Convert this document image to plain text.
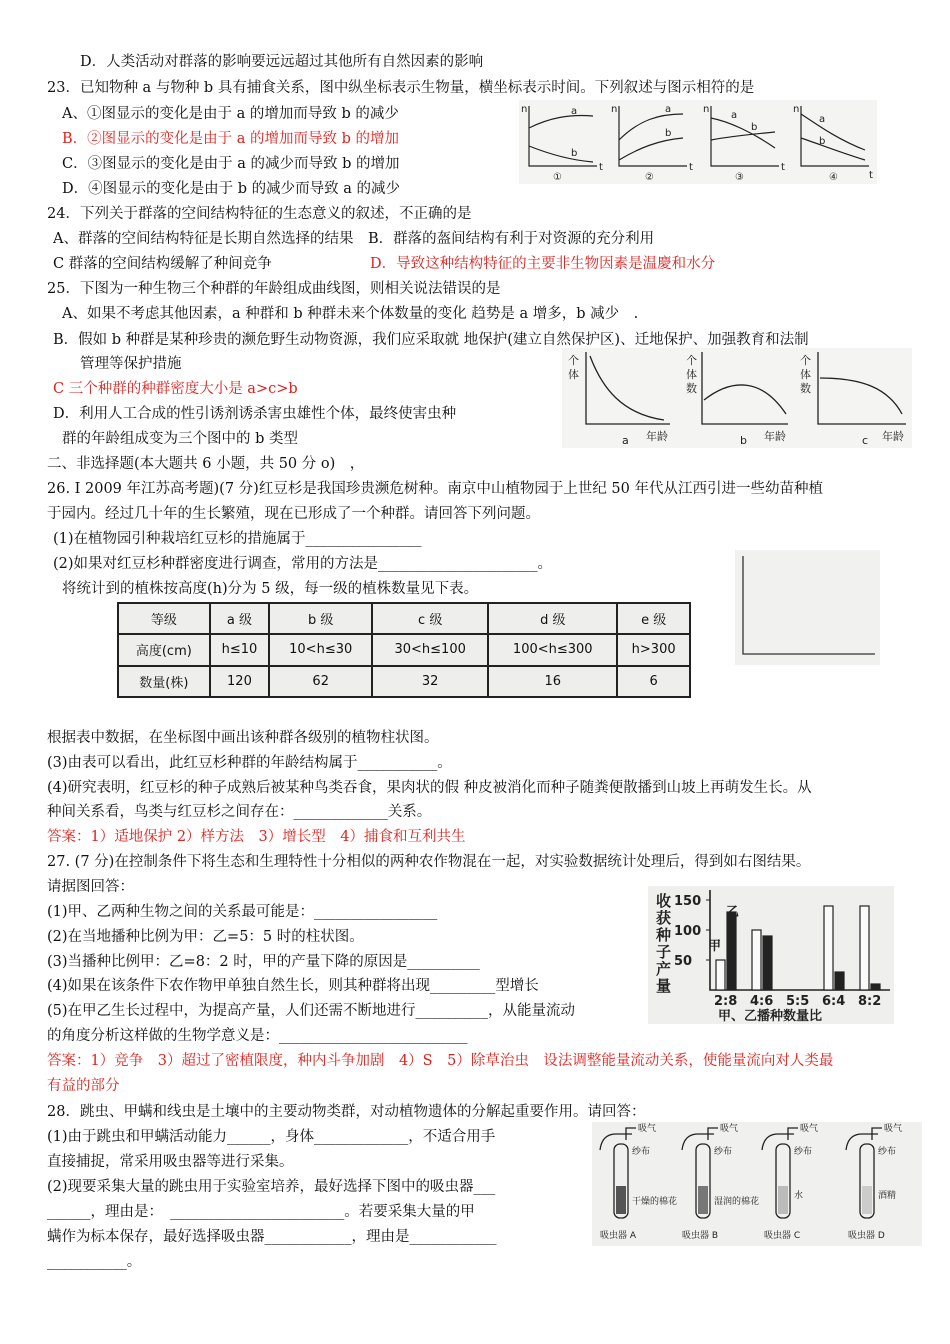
D．人类活动对群落的影响要远远超过其他所有自然因素的影响
23．已知物种 a 与物种 b 具有捕食关系，图中纵坐标表示生物量，横坐标表示时间。下列叙述与图示相符的是
A、①图显示的变化是由于 a 的增加而导致 b 的减少
B．②图显示的变化是由于 a 的增加而导致 b 的增加
C．③图显示的变化是由于 a 的减少而导致 b 的增加
D．④图显示的变化是由于 b 的减少而导致 a 的减少
n
t
a
b
①
n
t
a
b
②
n
t
a
b
③
n
t
a
b
④
24．下列关于群落的空间结构特征的生态意义的叙述，不正确的是
A、群落的空间结构特征是长期自然选择的结果　B．群落的盔间结构有利于对资源的充分利用
C 群落的空间结构缓解了种间竞争	D．导致这种结构特征的主要非生物因素是温慶和水分
25．下图为一种生物三个种群的年龄组成曲线图，则相关说法错误的是
A、如果不考虑其他因素，a 种群和 b 种群未来个体数量的变化 趋势是 a 增多，b 减少　.
B．假如 b 种群是某种珍贵的濒危野生动物资源，我们应采取就 地保护(建立自然保护区)、迁地保护、加强教育和法制
管理等保护措施
C 三个种群的种群密度大小是 a>c>b
D．利用人工合成的性引诱剂诱杀害虫雄性个体，最终使害虫种
群的年龄组成变为三个图中的 b 类型
个
体
年龄
a
个
体
数
年龄
b
个
体
数
年龄
c
二、非选择题(本大题共 6 小题，共 50 分 o)　，
26. I 2009 年江苏高考题)(7 分)红豆杉是我国珍贵濒危树种。南京中山植物园于上世纪 50 年代从江西引进一些幼苗种植
于园内。经过几十年的生长繁殖，现在已形成了一个种群。请回答下列问题。
(1)在植物园引种栽培红豆杉的措施属于________________
(2)如果对红豆杉种群密度进行调查，常用的方法是______________________。
将统计到的植株按高度(h)分为 5 级，每一级的植株数量见下表。
等级	a 级	b 级	c 级	d 级	e 级
高度(cm)	h≤10	10<h≤30	30<h≤100	100<h≤300	h>300
数量(株)	120	62	32	16	6
根据表中数据，在坐标图中画出该种群各级别的植物柱状图。
(3)由表可以看出，此红豆杉种群的年龄结构属于___________。
(4)研究表明，红豆杉的种子成熟后被某种鸟类吞食，果肉状的假 种皮被消化而种子随粪便散播到山坡上再萌发生长。从
种间关系看，鸟类与红豆杉之间存在：_____________关系。
答案：1）适地保护 2）样方法　3）增长型　4）捕食和互利共生
27. (7 分)在控制条件下将生态和生理特性十分相似的两种农作物混在一起，对实验数据统计处理后，得到如右图结果。
请据图回答：
(1)甲、乙两种生物之间的关系最可能是：_________________
(2)在当地播种比例为甲：乙=5：5 时的柱状图。
(3)当播种比例甲：乙=8：2 时，甲的产量下降的原因是__________
(4)如果在该条件下农作物甲单独自然生长，则其种群将出现_________型增长
(5)在甲乙生长过程中，为提高产量，人们还需不断地进行__________，从能量流动
的角度分析这样做的生物学意义是：__________________________
答案：1）竞争　3）超过了密植限度，种内斗争加剧　4）S　5）除草治虫　设法调整能量流动关系，使能量流向对人类最
有益的部分
收获种子产量
150
100
50
2:8 4:6 5:5 6:4 8:2
甲
乙
甲、乙播种数量比
28．跳虫、甲螨和线虫是土壤中的主要动物类群，对动植物遗体的分解起重要作用。请回答：
(1)由于跳虫和甲螨活动能力______，身体_____________，不适合用手
直接捕捉，常采用吸虫器等进行采集。
(2)现要采集大量的跳虫用于实验室培养，最好选择下图中的吸虫器___
______，理由是：　________________________。若要采集大量的甲
螨作为标本保存，最好选择吸虫器____________，理由是____________
___________。
吸气
纱布
干燥的棉花
吸虫器 A
吸气
纱布
湿润的棉花
吸虫器 B
吸气
纱布
水
吸虫器 C
吸气
纱布
酒精
吸虫器 D
